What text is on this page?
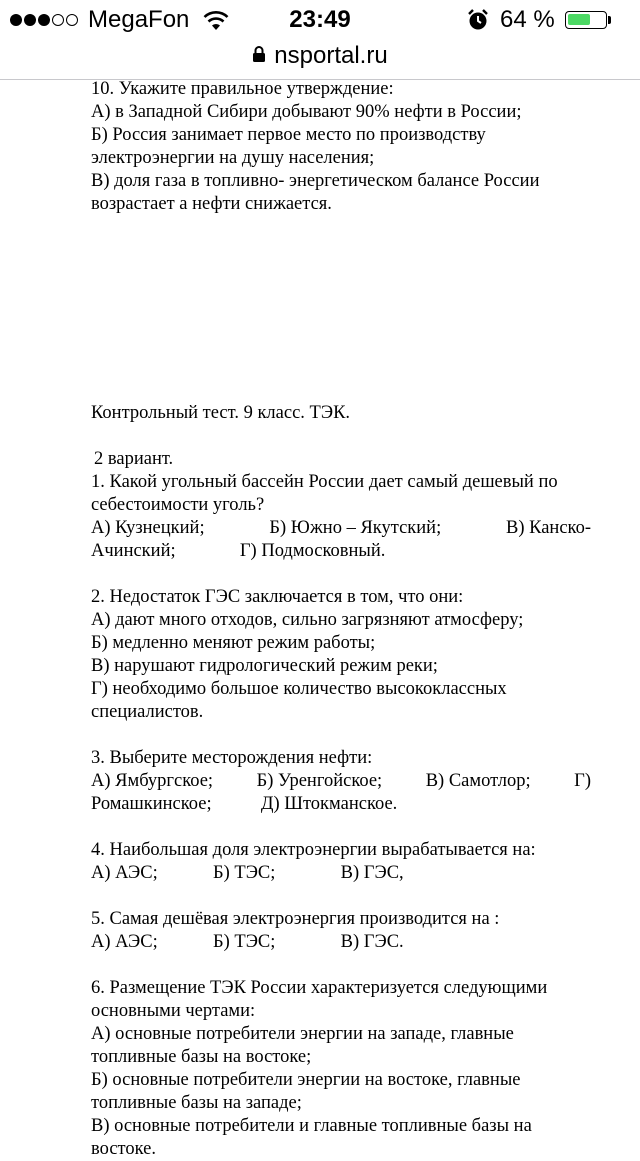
MegaFon	23:49	64 %
nsportal.ru

10. Укажите правильное утверждение:

А) в Западной Сибири добывают 90% нефти в России;

Б) Россия занимает первое место по производству

электроэнергии на душу населения;

В) доля газа в топливно- энергетическом балансе России

возрастает а нефти снижается.

Контрольный тест. 9 класс. ТЭК.

2 вариант.

1. Какой угольный бассейн России дает самый дешевый по

себестоимости уголь?

А) Кузнецкий;	Б) Южно – Якутский;	В) Канско-

Ачинский;	Г) Подмосковный.

2. Недостаток ГЭС заключается в том, что они:

А) дают много отходов, сильно загрязняют атмосферу;

Б) медленно меняют режим работы;

В) нарушают гидрологический режим реки;

Г) необходимо большое количество высококлассных

специалистов.

3. Выберите месторождения нефти:

А) Ямбургское; Б) Уренгойское; В) Самотлор; Г)

Ромашкинское;	Д) Штокманское.

4. Наибольшая доля электроэнергии вырабатывается на:

А) АЭС;	Б) ТЭС;	В) ГЭС,

5. Самая дешёвая электроэнергия производится на :

А) АЭС;	Б) ТЭС;	В) ГЭС.

6. Размещение ТЭК России характеризуется следующими

основными чертами:

А) основные потребители энергии на западе, главные

топливные базы на востоке;

Б) основные потребители энергии на востоке, главные

топливные базы на западе;

В) основные потребители и главные топливные базы на

востоке.
